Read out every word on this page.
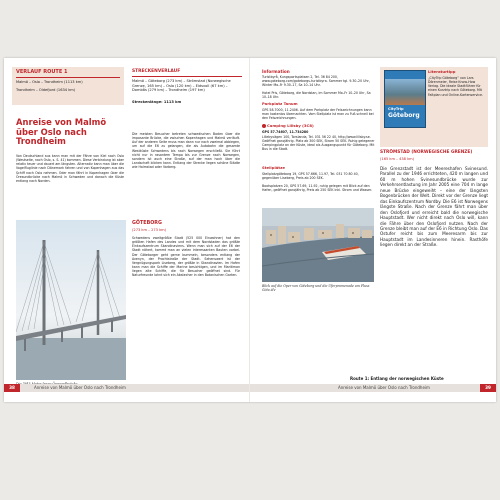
VERLAUF ROUTE 1
Malmö – Oslo – Trondheim (1113 km)
Trondheim – Oldefjord (1634 km)
Anreise von Malmö über Oslo nach Trondheim
Von Deutschland aus kann man mit der Fähre von Kiel nach Oslo (Westseite, nach Oslo, s. S. 41) kommen. Diese Verbindung ist aber relativ teuer und dauert am längsten. Alternativ kann man über die Vogelfluglinie nach Dänemark fahren und von Kopenhagen aus das Schiff nach Oslo nehmen. Oder man fährt in Kopenhagen über die Öresundbrücke nach Malmö in Schweden und danach die Küste entlang nach Norden.
STRECKENVERLAUF
Malmö – Göteborg (273 km) – Strömstad (Norwegische Grenze, 165 km) – Oslo (120 km) – Eidsvoll (67 km) – Dombås (279 km) – Trondheim (197 km)
Streckenlänge: 1113 km
Die meisten Besucher betreten schwedischen Boden über die imposante Brücke, die zwischen Kopenhagen und Malmö verläuft. Auf der anderen Seite muss man dann nur noch zweimal abbiegen, um auf die E6 zu gelangen, die als Autobahn die gesamte Westküste Schwedens bis nach Norwegen erschließt. Sie führt nicht nur in rasantem Tempo bis zur Grenze nach Norwegen, sondern ist auch eine Straße, auf der man hoch über die Landschaft blicken kann. Entlang der Strecke liegen schöne Städte wie Halmstad oder Varberg.
GÖTEBORG
(273 km – 273 km)
Schwedens zweitgrößte Stadt (525 000 Einwohner) hat den größten Hafen des Landes und mit dem Nordstaden das größte Einkaufszentrum Skandinaviens. Wenn man sich auf der E6 der Stadt nähert, kommt man an vielen interessanten Bauten vorbei. Der Göteborger geht gerne bummeln, besonders entlang der Avenyn, der Prachtstraße der Stadt. Sehenswert ist der Vergnügungspark Liseberg, der größte in Skandinavien. Im Hafen kann man die Schiffe der Marine besichtigen, und im Maritiman liegen alte Schiffe, die für Besucher geöffnet sind. Für Naturfreunde lohnt sich ein Abstecher in den Botanischen Garten.
38	Anreise von Malmö über Oslo nach Trondheim
Information
Turistbyrå, Kungsportsplatsen 2, Tel. 36 84 200, www.goteborg.com/goteborgs-turistbyra. Sommer tgl. 9.30–20 Uhr, Winter Mo–Fr 9.30–17, Sa 10–14 Uhr.
Hotel Pris, Göteborg, die Nordstan, im Sommer Mo–Fr 10–20 Uhr, Sa 10–18 Uhr.
Parkplatz Tanum
GPS 58.7000, 11.2406. Auf dem Parkplatz der Felszeichnungen kann man kostenlos übernachten. Vom Stellplatz ist man zu Fuß schnell bei den Felszeichnungen.
Camping Lillsby (3C8)
GPS 57.74607, 11.734280
Lillebyvägen 100, Torslanda, Tel. 031 56 22 40, http://www.lillsby.se. Geöffnet ganzjährig. Platz ab 300 SEK, Strom 50 SEK. Ruhig gelegener Campingplatz an der Küste, ideal als Ausgangspunkt für Göteborg. Mit Bus in die Stadt.
Stellplätze
Stellplatzgöteborg 19, GPS 57.666, 11.97, Tel. 031 70 80 40, gegenüber Liseberg, Preis ab 200 SEK.
Bootsplatzen 20, GPS 57.69, 11.92, ruhig gelegen mit Blick auf den Hafen, geöffnet ganzjährig, Preis ab 250 SEK inkl. Strom und Wasser.
Blick auf die Oper von Göteborg und die Uferpromenade am Fluss Göta älv
Literaturtipp
„CityTrip Göteborg“ von Lars Dörenmeier, Reise Know-How Verlag. Die ideale Stadtführer für einen Kurztrip nach Göteborg. Mit Faltplan und Online-Kartenservice.
CityTrip
Göteborg
STRÖMSTAD (NORWEGISCHE GRENZE)
(165 km – 438 km)
Die Grenzstadt ist der Meereshafen Svinesund. Parallel zu der 1946 errichteten, 420 m langen und 60 m hohen Svinesundbrücke wurde zur Verkehrsentlastung im Jahr 2005 eine 704 m lange neue Brücke eingeweiht – eine der längsten Bogenbrücken der Welt. Direkt vor der Grenze liegt das Einkaufszentrum Nordby. Die E6 ist Norwegens längste Straße. Nach der Grenze fährt man über den Oslofjord und erreicht bald die norwegische Hauptstadt. Wer nicht direkt nach Oslo will, kann die Fähre über den Oslofjord nutzen. Nach der Grenze bleibt man auf der E6 in Richtung Oslo. Das Ostufer reicht bis zum Meeresarm bis zur Hauptstadt im Landesinneren hinein. Rasthöfe liegen direkt an der Straße.
Route 1: Entlang der norwegischen Küste
Anreise von Malmö über Oslo nach Trondheim	39
